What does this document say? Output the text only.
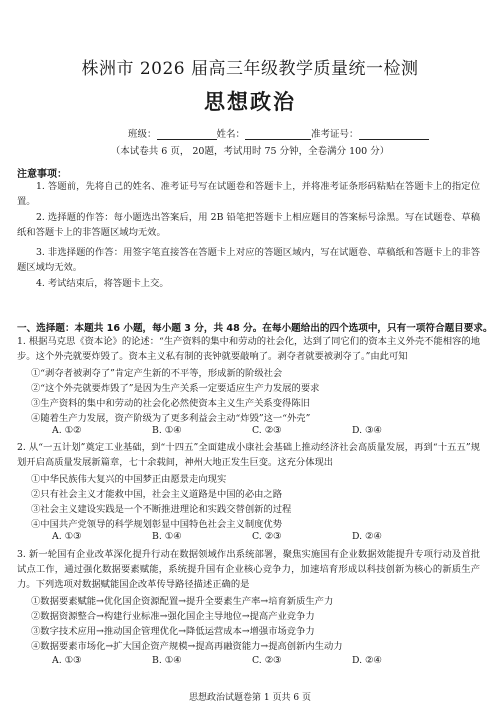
株洲市 2026 届高三年级教学质量统一检测
思想政治
班级：	姓名：	准考证号：
（本试卷共 6 页， 20题，考试用时 75 分钟，全卷满分 100 分）
注意事项：
1. 答题前，先将自己的姓名、准考证号写在试题卷和答题卡上，并将准考证条形码粘贴在答题卡上的指定位置。
2. 选择题的作答：每小题选出答案后，用 2B 铅笔把答题卡上相应题目的答案标号涂黑。写在试题卷、草稿纸和答题卡上的非答题区域均无效。
3. 非选择题的作答：用签字笔直接答在答题卡上对应的答题区域内，写在试题卷、草稿纸和答题卡上的非答题区域均无效。
4. 考试结束后，将答题卡上交。
一、选择题：本题共 16 小题，每小题 3 分，共 48 分。在每小题给出的四个选项中，只有一项符合题目要求。
1. 根据马克思《资本论》的论述：“生产资料的集中和劳动的社会化，达到了同它们的资本主义外壳不能相容的地步。这个外壳就要炸毁了。资本主义私有制的丧钟就要敲响了。剥夺者就要被剥夺了。”由此可知
①“剥夺者被剥夺了”肯定产生新的不平等，形成新的阶级社会
②“这个外壳就要炸毁了”是因为生产关系一定要适应生产力发展的要求
③生产资料的集中和劳动的社会化必然使资本主义生产关系变得陈旧
④随着生产力发展，资产阶级为了更多利益会主动“炸毁”这一“外壳”
A. ①②	B. ①④	C. ②③	D. ③④
2. 从“一五计划”奠定工业基础，到“十四五”全面建成小康社会基础上推动经济社会高质量发展，再到“十五五”规划开启高质量发展新篇章，七十余载间，神州大地正发生巨变。这充分体现出
①中华民族伟大复兴的中国梦正由愿景走向现实
②只有社会主义才能救中国，社会主义道路是中国的必由之路
③社会主义建设实践是一个不断推进理论和实践交替创新的过程
④中国共产党领导的科学规划彰显中国特色社会主义制度优势
A. ①③	B. ①④	C. ②③	D. ②④
3. 新一轮国有企业改革深化提升行动在数据领域作出系统部署，聚焦实施国有企业数据效能提升专项行动及首批试点工作，通过强化数据要素赋能，系统提升国有企业核心竞争力，加速培育形成以科技创新为核心的新质生产力。下列选项对数据赋能国企改革传导路径描述正确的是
①数据要素赋能→优化国企资源配置→提升全要素生产率→培育新质生产力
②数据资源整合→构建行业标准→强化国企主导地位→提高产业竞争力
③数字技术应用→推动国企管理优化→降低运营成本→增强市场竞争力
④数据要素市场化→扩大国企资产规模→提高再融资能力→提高创新内生动力
A. ①③	B. ①④	C. ②③	D. ②④
思想政治试题卷第 1 页共 6 页
